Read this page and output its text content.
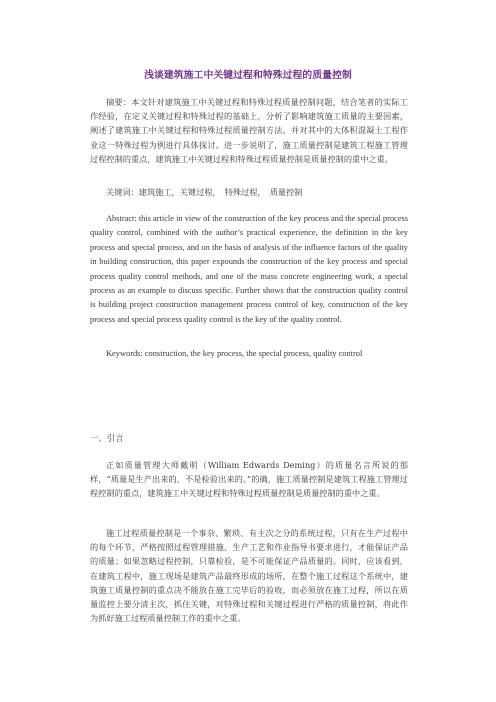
浅谈建筑施工中关键过程和特殊过程的质量控制
摘要：本文针对建筑施工中关键过程和特殊过程质量控制问题，结合笔者的实际工作经验，在定义关键过程和特殊过程的基础上，分析了影响建筑施工质量的主要因素，阐述了建筑施工中关键过程和特殊过程质量控制方法，并对其中的大体积混凝土工程作业这一特殊过程为例进行具体探讨。进一步说明了，施工质量控制是建筑工程施工管理过程控制的重点，建筑施工中关键过程和特殊过程质量控制是质量控制的重中之重。
关键词：建筑施工，关键过程，　特殊过程，　质量控制
Abstract: this article in view of the construction of the key process and the special process quality control, combined with the author’s practical experience, the definition in the key process and special process, and on the basis of analysis of the influence factors of the quality in building construction, this paper expounds the construction of the key process and special process quality control methods, and one of the mass concrete engineering work, a special process as an example to discuss specific. Further shows that the construction quality control is building project construction management process control of key, construction of the key process and special process quality control is the key of the quality control.
Keywords: construction, the key process, the special process, quality control
一、引言
正如质量管理大师戴明（William Edwards Deming）的质量名言所说的那样，“质量是生产出来的，不是检验出来的。”的确，施工质量控制是建筑工程施工管理过程控制的重点，建筑施工中关键过程和特殊过程质量控制是质量控制的重中之重。
施工过程质量控制是一个事杂、繁琐、有主次之分的系统过程，只有在生产过程中的每个环节，严格按照过程管理措施、生产工艺和作业指导书要求进行，才能保证产品的质量；如果忽略过程控制，只靠检验，是不可能保证产品质量的。同时，应该看到，在建筑工程中，施工现场是建筑产品最终形成的场所，在整个施工过程这个系统中，建筑施工质量控制的重点决不能放在施工完毕后的验收，而必须放在施工过程，所以在质量监控上要分清主次，抓住关键，对特殊过程和关键过程进行严格的质量控制，将此作为抓好施工过程质量控制工作的重中之重。
